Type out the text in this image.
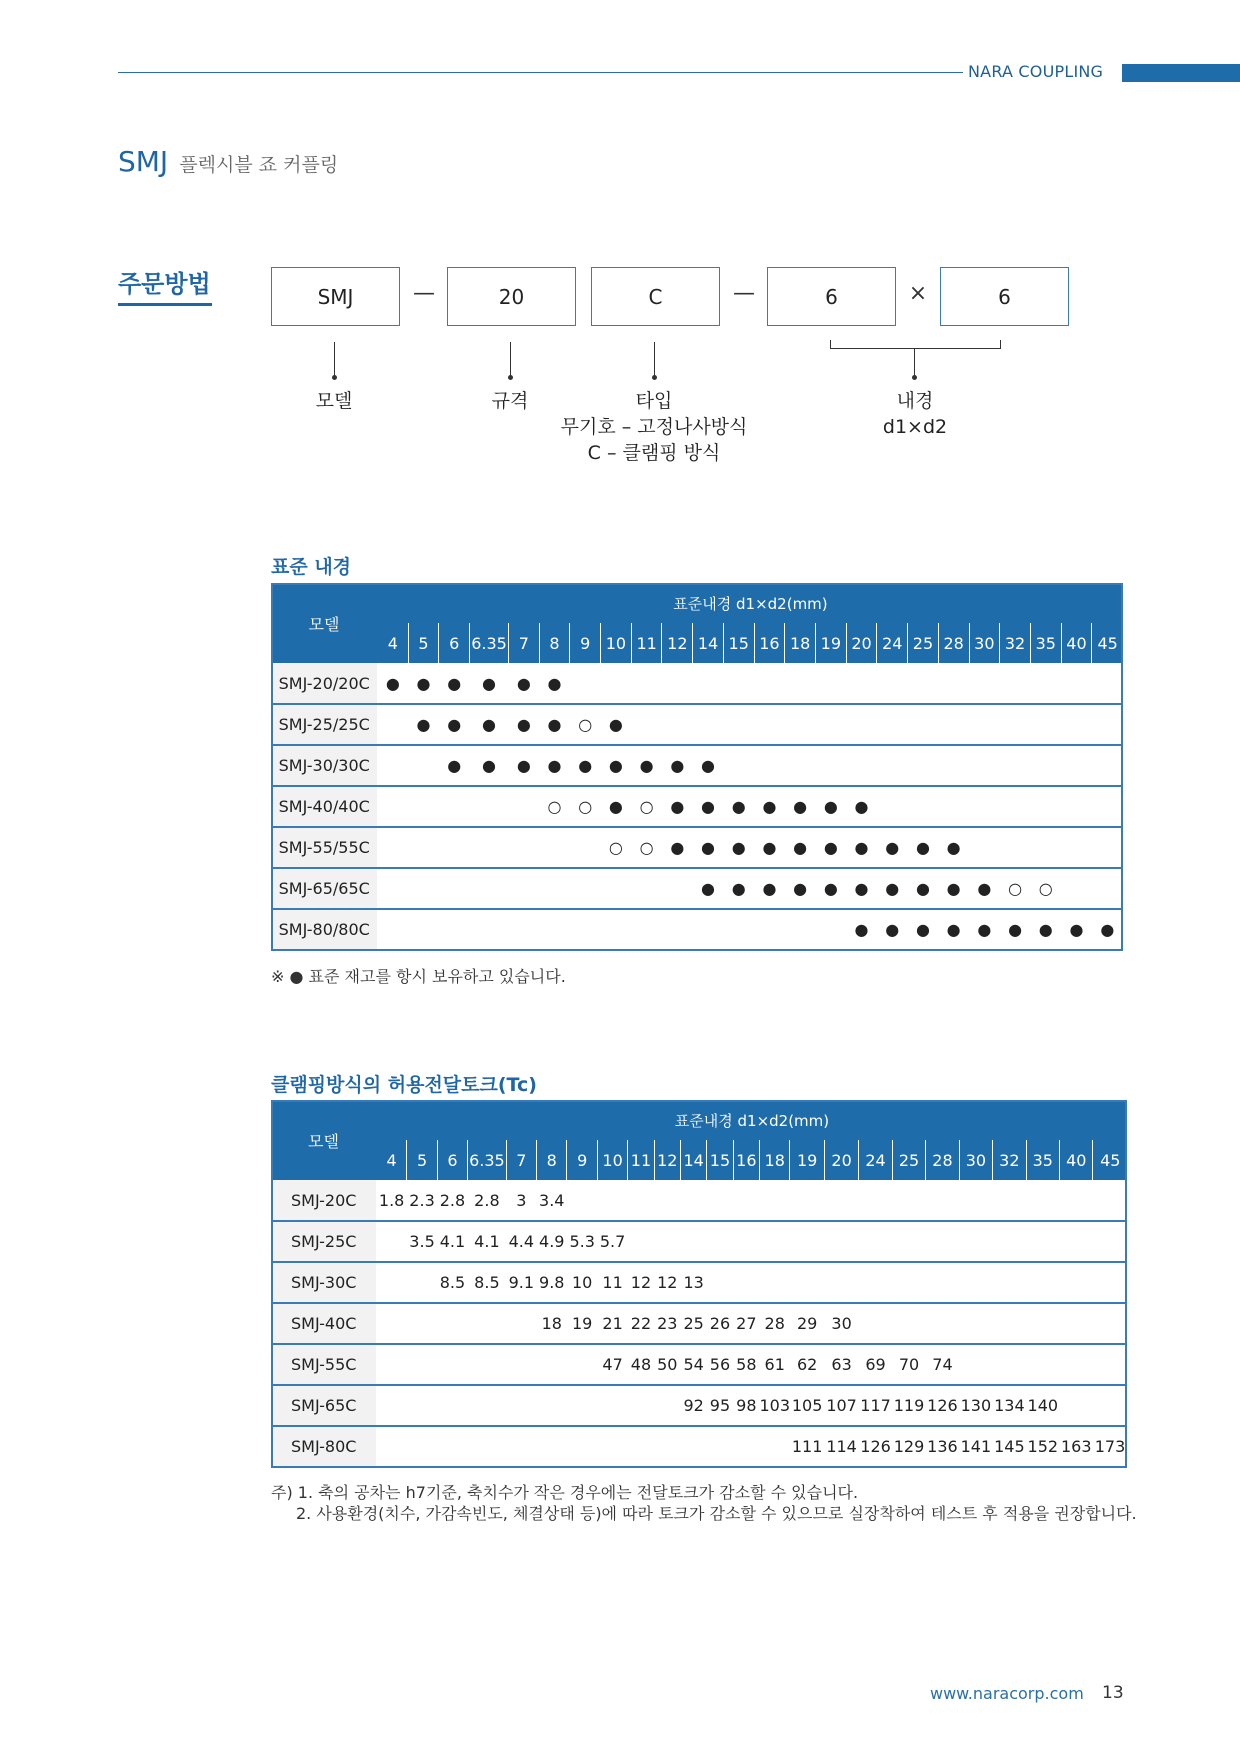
NARA COUPLING
SMJ 플렉시블 죠 커플링
주문방법	SMJ	—	20	C	—	6	×	6
모델	규격	타입
무기호 – 고정나사방식
C – 클램핑 방식
내경
d1×d2
표준 내경
모델	표준내경 d1×d2(mm)																							
	4	5	6	6.35	7	8	9	10	11	12	14	15	16	18	19	20	24	25	28	30	32	35	40	45
SMJ-20/20C	●	●	●	●	●	●																		
SMJ-25/25C		●	●	●	●	●	○	●																
SMJ-30/30C			●	●	●	●	●	●	●	●	●													
SMJ-40/40C						○	○	●	○	●	●	●	●	●	●	●								
SMJ-55/55C								○	○	●	●	●	●	●	●	●	●	●	●					
SMJ-65/65C											●	●	●	●	●	●	●	●	●	●	○	○		
SMJ-80/80C																●	●	●	●	●	●	●	●	●
※ ● 표준 재고를 항시 보유하고 있습니다.
클램핑방식의 허용전달토크(Tc)
모델	표준내경 d1×d2(mm)																							
	4	5	6	6.35	7	8	9	10	11	12	14	15	16	18	19	20	24	25	28	30	32	35	40	45
SMJ-20C	1.8	2.3	2.8	2.8	3	3.4																		
SMJ-25C		3.5	4.1	4.1	4.4	4.9	5.3	5.7																
SMJ-30C			8.5	8.5	9.1	9.8	10	11	12	12	13													
SMJ-40C						18	19	21	22	23	25	26	27	28	29	30								
SMJ-55C								47	48	50	54	56	58	61	62	63	69	70	74					
SMJ-65C											92	95	98	103	105	107	117	119	126	130	134	140		
SMJ-80C															111	114	126	129	136	141	145	152	163	173
주) 1. 축의 공차는 h7기준, 축치수가 작은 경우에는 전달토크가 감소할 수 있습니다.
2. 사용환경(치수, 가감속빈도, 체결상태 등)에 따라 토크가 감소할 수 있으므로 실장착하여 테스트 후 적용을 권장합니다.
www.naracorp.com 13
